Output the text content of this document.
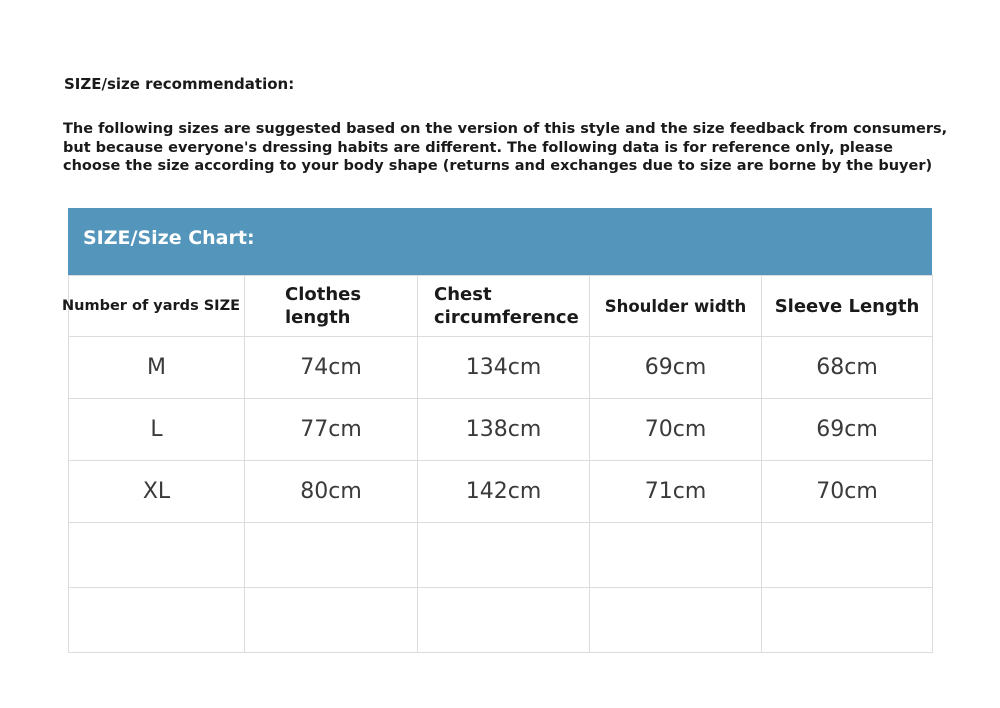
SIZE/size recommendation:
The following sizes are suggested based on the version of this style and the size feedback from consumers,
but because everyone's dressing habits are different. The following data is for reference only, please
choose the size according to your body shape (returns and exchanges due to size are borne by the buyer)
SIZE/Size Chart:
Number of yards SIZE	Clothes length	Chest circumference	Shoulder width	Sleeve Length
M	74cm	134cm	69cm	68cm
L	77cm	138cm	70cm	69cm
XL	80cm	142cm	71cm	70cm
